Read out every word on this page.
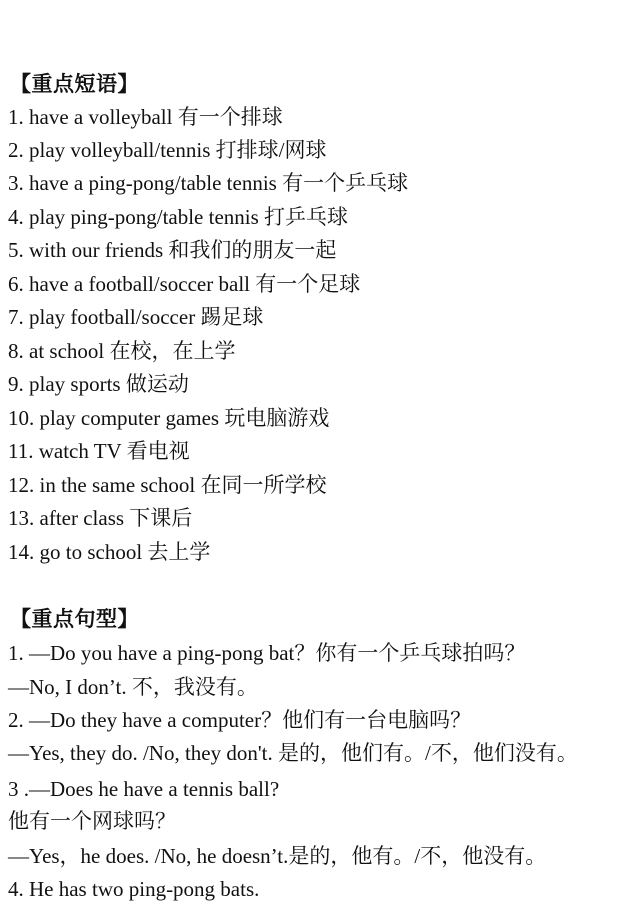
【重点短语】
1. have a volleyball 有一个排球
2. play volleyball/tennis 打排球/网球
3. have a ping-pong/table tennis 有一个乒乓球
4. play ping-pong/table tennis 打乒乓球
5. with our friends 和我们的朋友一起
6. have a football/soccer ball 有一个足球
7. play football/soccer 踢足球
8. at school 在校，在上学
9. play sports 做运动
10. play computer games 玩电脑游戏
11. watch TV 看电视
12. in the same school 在同一所学校
13. after class 下课后
14. go to school 去上学
【重点句型】
1. —Do you have a ping-pong bat？你有一个乒乓球拍吗？
—No, I don’t. 不，我没有。
2. —Do they have a computer？他们有一台电脑吗？
—Yes, they do. /No, they don't. 是的，他们有。/不，他们没有。
3 .—Does he have a tennis ball?
他有一个网球吗？
—Yes，he does. /No, he doesn’t.是的，他有。/不，他没有。
4. He has two ping-pong bats.
